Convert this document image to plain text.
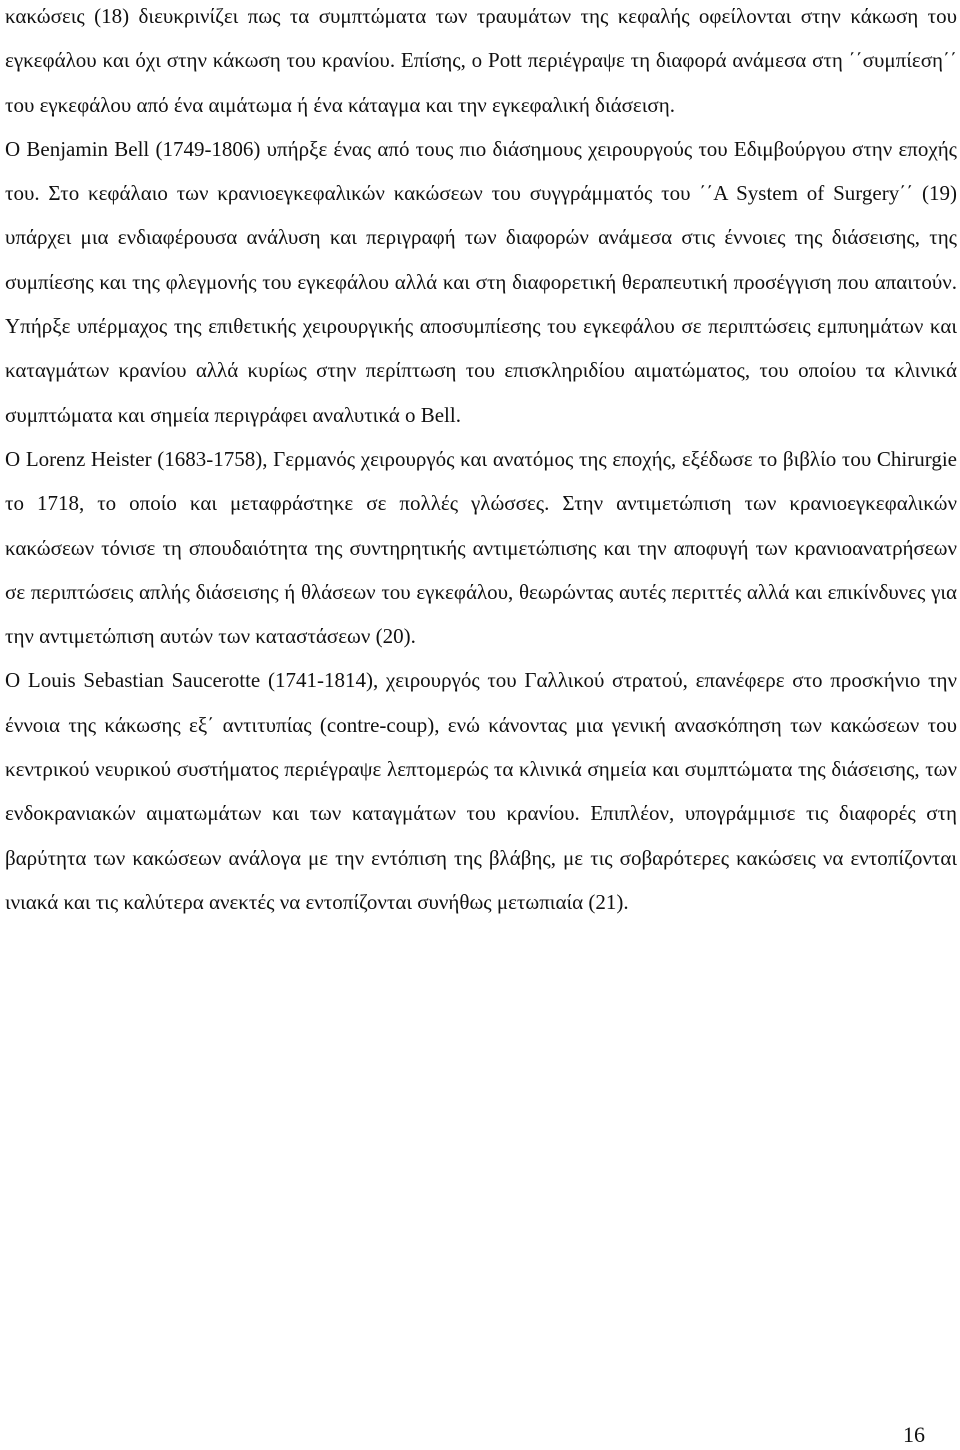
κακώσεις (18) διευκρινίζει πως τα συμπτώματα των τραυμάτων της κεφαλής οφείλονται στην κάκωση του εγκεφάλου και όχι στην κάκωση του κρανίου. Επίσης, ο Pott περιέγραψε τη διαφορά ανάμεσα στη ΄΄συμπίεση΄΄ του εγκεφάλου από ένα αιμάτωμα ή ένα κάταγμα και την εγκεφαλική διάσειση.

O Benjamin Bell (1749-1806) υπήρξε ένας από τους πιο διάσημους χειρουργούς του Εδιμβούργου στην εποχής του. Στο κεφάλαιο των κρανιοεγκεφαλικών κακώσεων του συγγράμματός του ΄΄A System of Surgery΄΄ (19) υπάρχει μια ενδιαφέρουσα ανάλυση και περιγραφή των διαφορών ανάμεσα στις έννοιες της διάσεισης, της συμπίεσης και της φλεγμονής του εγκεφάλου αλλά και στη διαφορετική θεραπευτική προσέγγιση που απαιτούν. Υπήρξε υπέρμαχος της επιθετικής χειρουργικής αποσυμπίεσης του εγκεφάλου σε περιπτώσεις εμπυημάτων και καταγμάτων κρανίου αλλά κυρίως στην περίπτωση του επισκληριδίου αιματώματος, του οποίου τα κλινικά συμπτώματα και σημεία περιγράφει αναλυτικά ο Bell.

O Lorenz Heister (1683-1758), Γερμανός χειρουργός και ανατόμος της εποχής, εξέδωσε το βιβλίο του Chirurgie το 1718, το οποίο και μεταφράστηκε σε πολλές γλώσσες. Στην αντιμετώπιση των κρανιοεγκεφαλικών κακώσεων τόνισε τη σπουδαιότητα της συντηρητικής αντιμετώπισης και την αποφυγή των κρανιοανατρήσεων σε περιπτώσεις απλής διάσεισης ή θλάσεων του εγκεφάλου, θεωρώντας αυτές περιττές αλλά και επικίνδυνες για την αντιμετώπιση αυτών των καταστάσεων (20).

O Louis Sebastian Saucerotte (1741-1814), χειρουργός του Γαλλικού στρατού, επανέφερε στο προσκήνιο την έννοια της κάκωσης εξ΄ αντιτυπίας (contre-coup), ενώ κάνοντας μια γενική ανασκόπηση των κακώσεων του κεντρικού νευρικού συστήματος περιέγραψε λεπτομερώς τα κλινικά σημεία και συμπτώματα της διάσεισης, των ενδοκρανιακών αιματωμάτων και των καταγμάτων του κρανίου. Επιπλέον, υπογράμμισε τις διαφορές στη βαρύτητα των κακώσεων ανάλογα με την εντόπιση της βλάβης, με τις σοβαρότερες κακώσεις να εντοπίζονται ινιακά και τις καλύτερα ανεκτές να εντοπίζονται συνήθως μετωπιαία (21).

16
